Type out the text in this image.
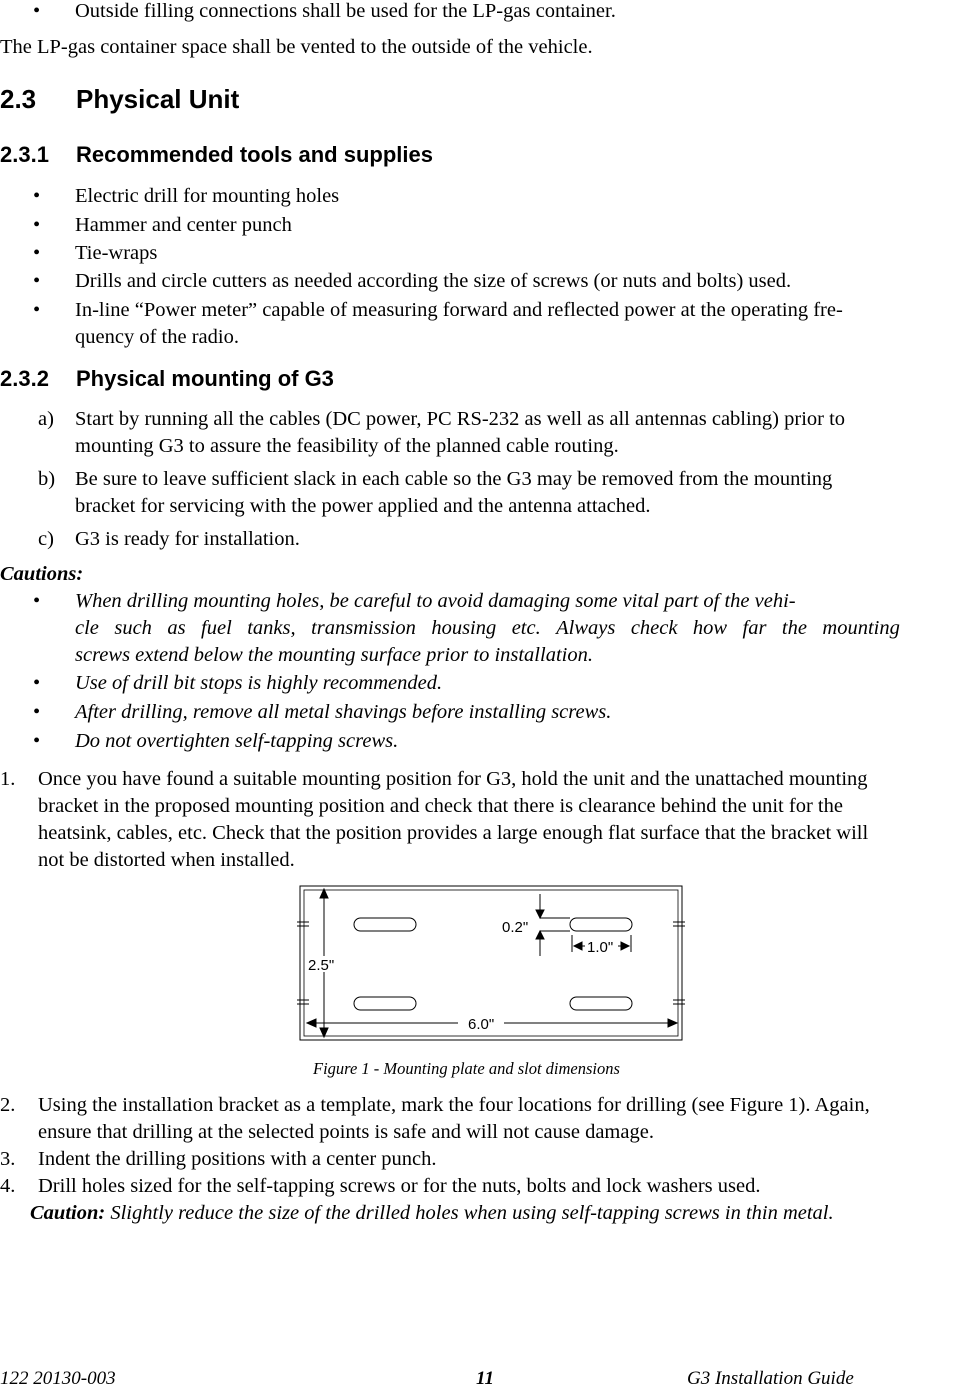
• Outside filling connections shall be used for the LP-gas container.
The LP-gas container space shall be vented to the outside of the vehicle.
2.3 Physical Unit
2.3.1 Recommended tools and supplies
• Electric drill for mounting holes
• Hammer and center punch
• Tie-wraps
• Drills and circle cutters as needed according the size of screws (or nuts and bolts) used.
• In-line “Power meter” capable of measuring forward and reflected power at the operating fre-
quency of the radio.
2.3.2 Physical mounting of G3
a) Start by running all the cables (DC power, PC RS-232 as well as all antennas cabling) prior to
mounting G3 to assure the feasibility of the planned cable routing.
b) Be sure to leave sufficient slack in each cable so the G3 may be removed from the mounting
bracket for servicing with the power applied and the antenna attached.
c) G3 is ready for installation.
Cautions:
• When drilling mounting holes, be careful to avoid damaging some vital part of the vehi-
cle such as fuel tanks, transmission housing etc. Always check how far the mounting
screws extend below the mounting surface prior to installation.
• Use of drill bit stops is highly recommended.
• After drilling, remove all metal shavings before installing screws.
• Do not overtighten self-tapping screws.
1. Once you have found a suitable mounting position for G3, hold the unit and the unattached mounting
bracket in the proposed mounting position and check that there is clearance behind the unit for the
heatsink, cables, etc. Check that the position provides a large enough flat surface that the bracket will
not be distorted when installed.
0.2"
1.0"
2.5"
6.0"
Figure 1 - Mounting plate and slot dimensions
2. Using the installation bracket as a template, mark the four locations for drilling (see Figure 1). Again,
ensure that drilling at the selected points is safe and will not cause damage.
3. Indent the drilling positions with a center punch.
4. Drill holes sized for the self-tapping screws or for the nuts, bolts and lock washers used.
Caution: Slightly reduce the size of the drilled holes when using self-tapping screws in thin metal.
122 20130-003	11	G3 Installation Guide
